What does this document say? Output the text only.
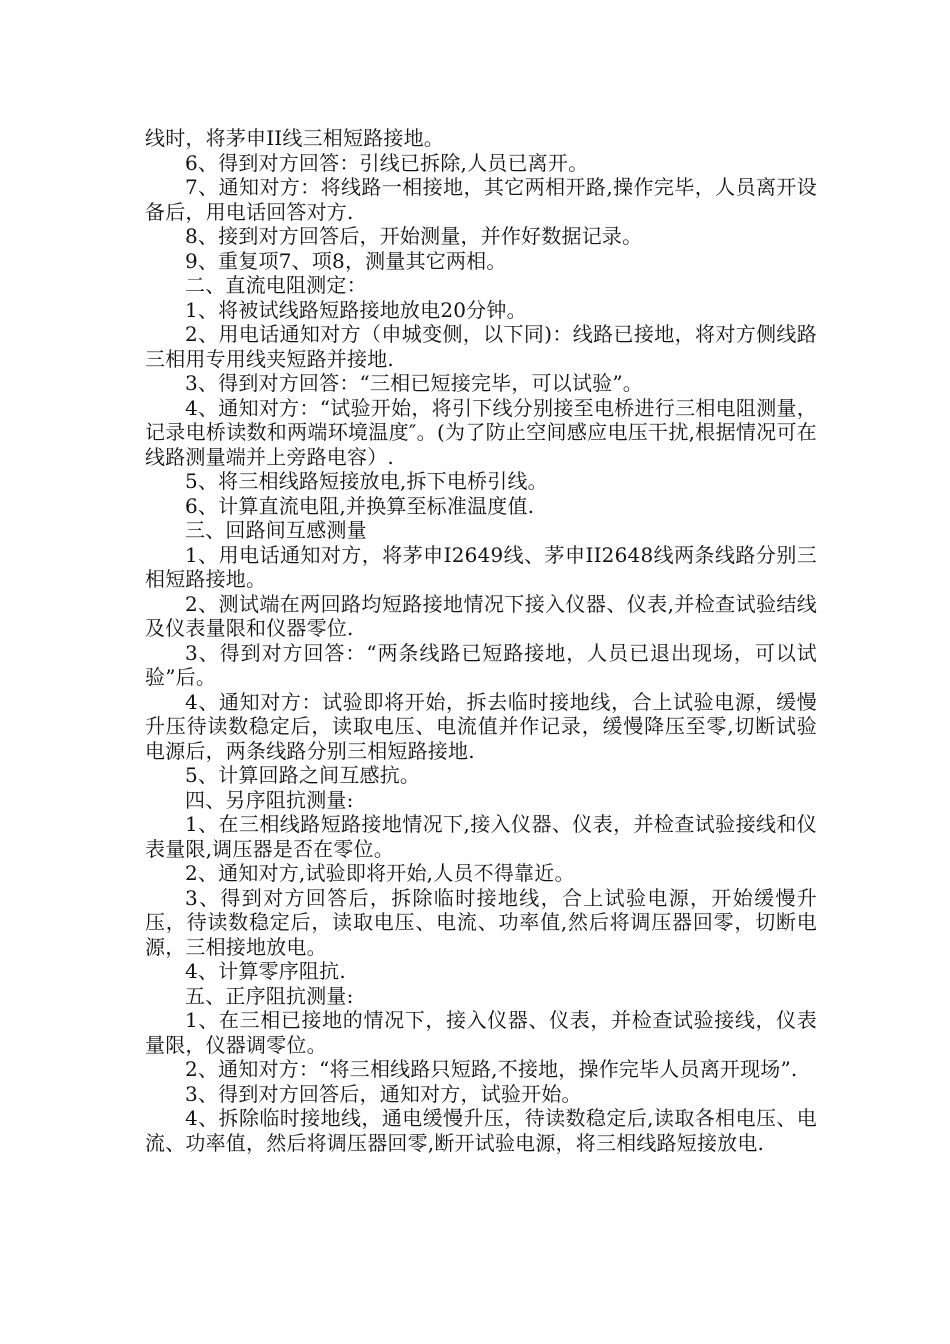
线时，将茅申II线三相短路接地。

6、得到对方回答：引线已拆除,人员已离开。

7、通知对方：将线路一相接地，其它两相开路,操作完毕，人员离开设备后，用电话回答对方.

8、接到对方回答后，开始测量，并作好数据记录。

9、重复项7、项8，测量其它两相。

二、直流电阻测定：

1、将被试线路短路接地放电20分钟。

2、用电话通知对方（申城变侧，以下同)：线路已接地，将对方侧线路三相用专用线夹短路并接地.

3、得到对方回答：“三相已短接完毕，可以试验”。

4、通知对方：“试验开始，将引下线分别接至电桥进行三相电阻测量，记录电桥读数和两端环境温度″。(为了防止空间感应电压干扰,根据情况可在线路测量端并上旁路电容）.

5、将三相线路短接放电,拆下电桥引线。

6、计算直流电阻,并换算至标准温度值.

三、回路间互感测量

1、用电话通知对方，将茅申I2649线、茅申II2648线两条线路分别三相短路接地。

2、测试端在两回路均短路接地情况下接入仪器、仪表,并检查试验结线及仪表量限和仪器零位.

3、得到对方回答：“两条线路已短路接地，人员已退出现场，可以试验”后。

4、通知对方：试验即将开始，拆去临时接地线，合上试验电源，缓慢升压待读数稳定后，读取电压、电流值并作记录，缓慢降压至零,切断试验电源后，两条线路分别三相短路接地.

5、计算回路之间互感抗。

四、另序阻抗测量:

1、在三相线路短路接地情况下,接入仪器、仪表，并检查试验接线和仪表量限,调压器是否在零位。

2、通知对方,试验即将开始,人员不得靠近。

3、得到对方回答后，拆除临时接地线，合上试验电源，开始缓慢升压，待读数稳定后，读取电压、电流、功率值,然后将调压器回零，切断电源，三相接地放电。

4、计算零序阻抗.

五、正序阻抗测量:

1、在三相已接地的情况下，接入仪器、仪表，并检查试验接线，仪表量限，仪器调零位。

2、通知对方：“将三相线路只短路,不接地，操作完毕人员离开现场”.

3、得到对方回答后，通知对方，试验开始。

4、拆除临时接地线，通电缓慢升压，待读数稳定后,读取各相电压、电流、功率值，然后将调压器回零,断开试验电源，将三相线路短接放电.
